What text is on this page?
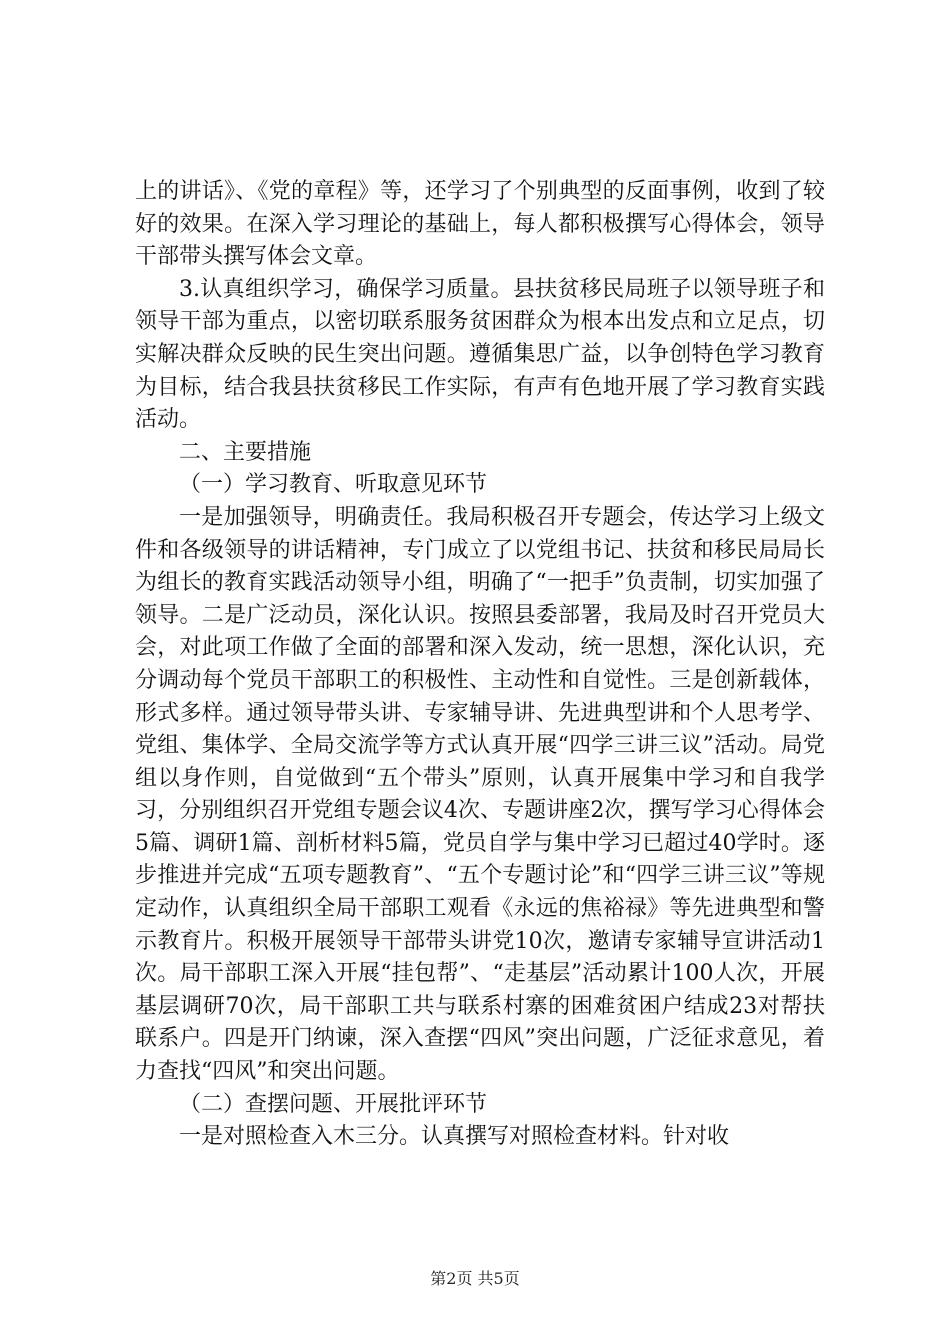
上的讲话》、《党的章程》等，还学习了个别典型的反面事例，收到了较好的效果。在深入学习理论的基础上，每人都积极撰写心得体会，领导干部带头撰写体会文章。

3.认真组织学习，确保学习质量。县扶贫移民局班子以领导班子和领导干部为重点，以密切联系服务贫困群众为根本出发点和立足点，切实解决群众反映的民生突出问题。遵循集思广益，以争创特色学习教育为目标，结合我县扶贫移民工作实际，有声有色地开展了学习教育实践活动。

二、主要措施

（一）学习教育、听取意见环节

一是加强领导，明确责任。我局积极召开专题会，传达学习上级文件和各级领导的讲话精神，专门成立了以党组书记、扶贫和移民局局长为组长的教育实践活动领导小组，明确了“一把手”负责制，切实加强了领导。二是广泛动员，深化认识。按照县委部署，我局及时召开党员大会，对此项工作做了全面的部署和深入发动，统一思想，深化认识，充分调动每个党员干部职工的积极性、主动性和自觉性。三是创新载体，形式多样。通过领导带头讲、专家辅导讲、先进典型讲和个人思考学、党组、集体学、全局交流学等方式认真开展“四学三讲三议”活动。局党组以身作则，自觉做到“五个带头”原则，认真开展集中学习和自我学习，分别组织召开党组专题会议4次、专题讲座2次，撰写学习心得体会5篇、调研1篇、剖析材料5篇，党员自学与集中学习已超过40学时。逐步推进并完成“五项专题教育”、“五个专题讨论”和“四学三讲三议”等规定动作，认真组织全局干部职工观看《永远的焦裕禄》等先进典型和警示教育片。积极开展领导干部带头讲党10次，邀请专家辅导宣讲活动1次。局干部职工深入开展“挂包帮”、“走基层”活动累计100人次，开展基层调研70次，局干部职工共与联系村寨的困难贫困户结成23对帮扶联系户。四是开门纳谏，深入查摆“四风”突出问题，广泛征求意见，着力查找“四风”和突出问题。

（二）查摆问题、开展批评环节

一是对照检查入木三分。认真撰写对照检查材料。针对收

第2页 共5页
